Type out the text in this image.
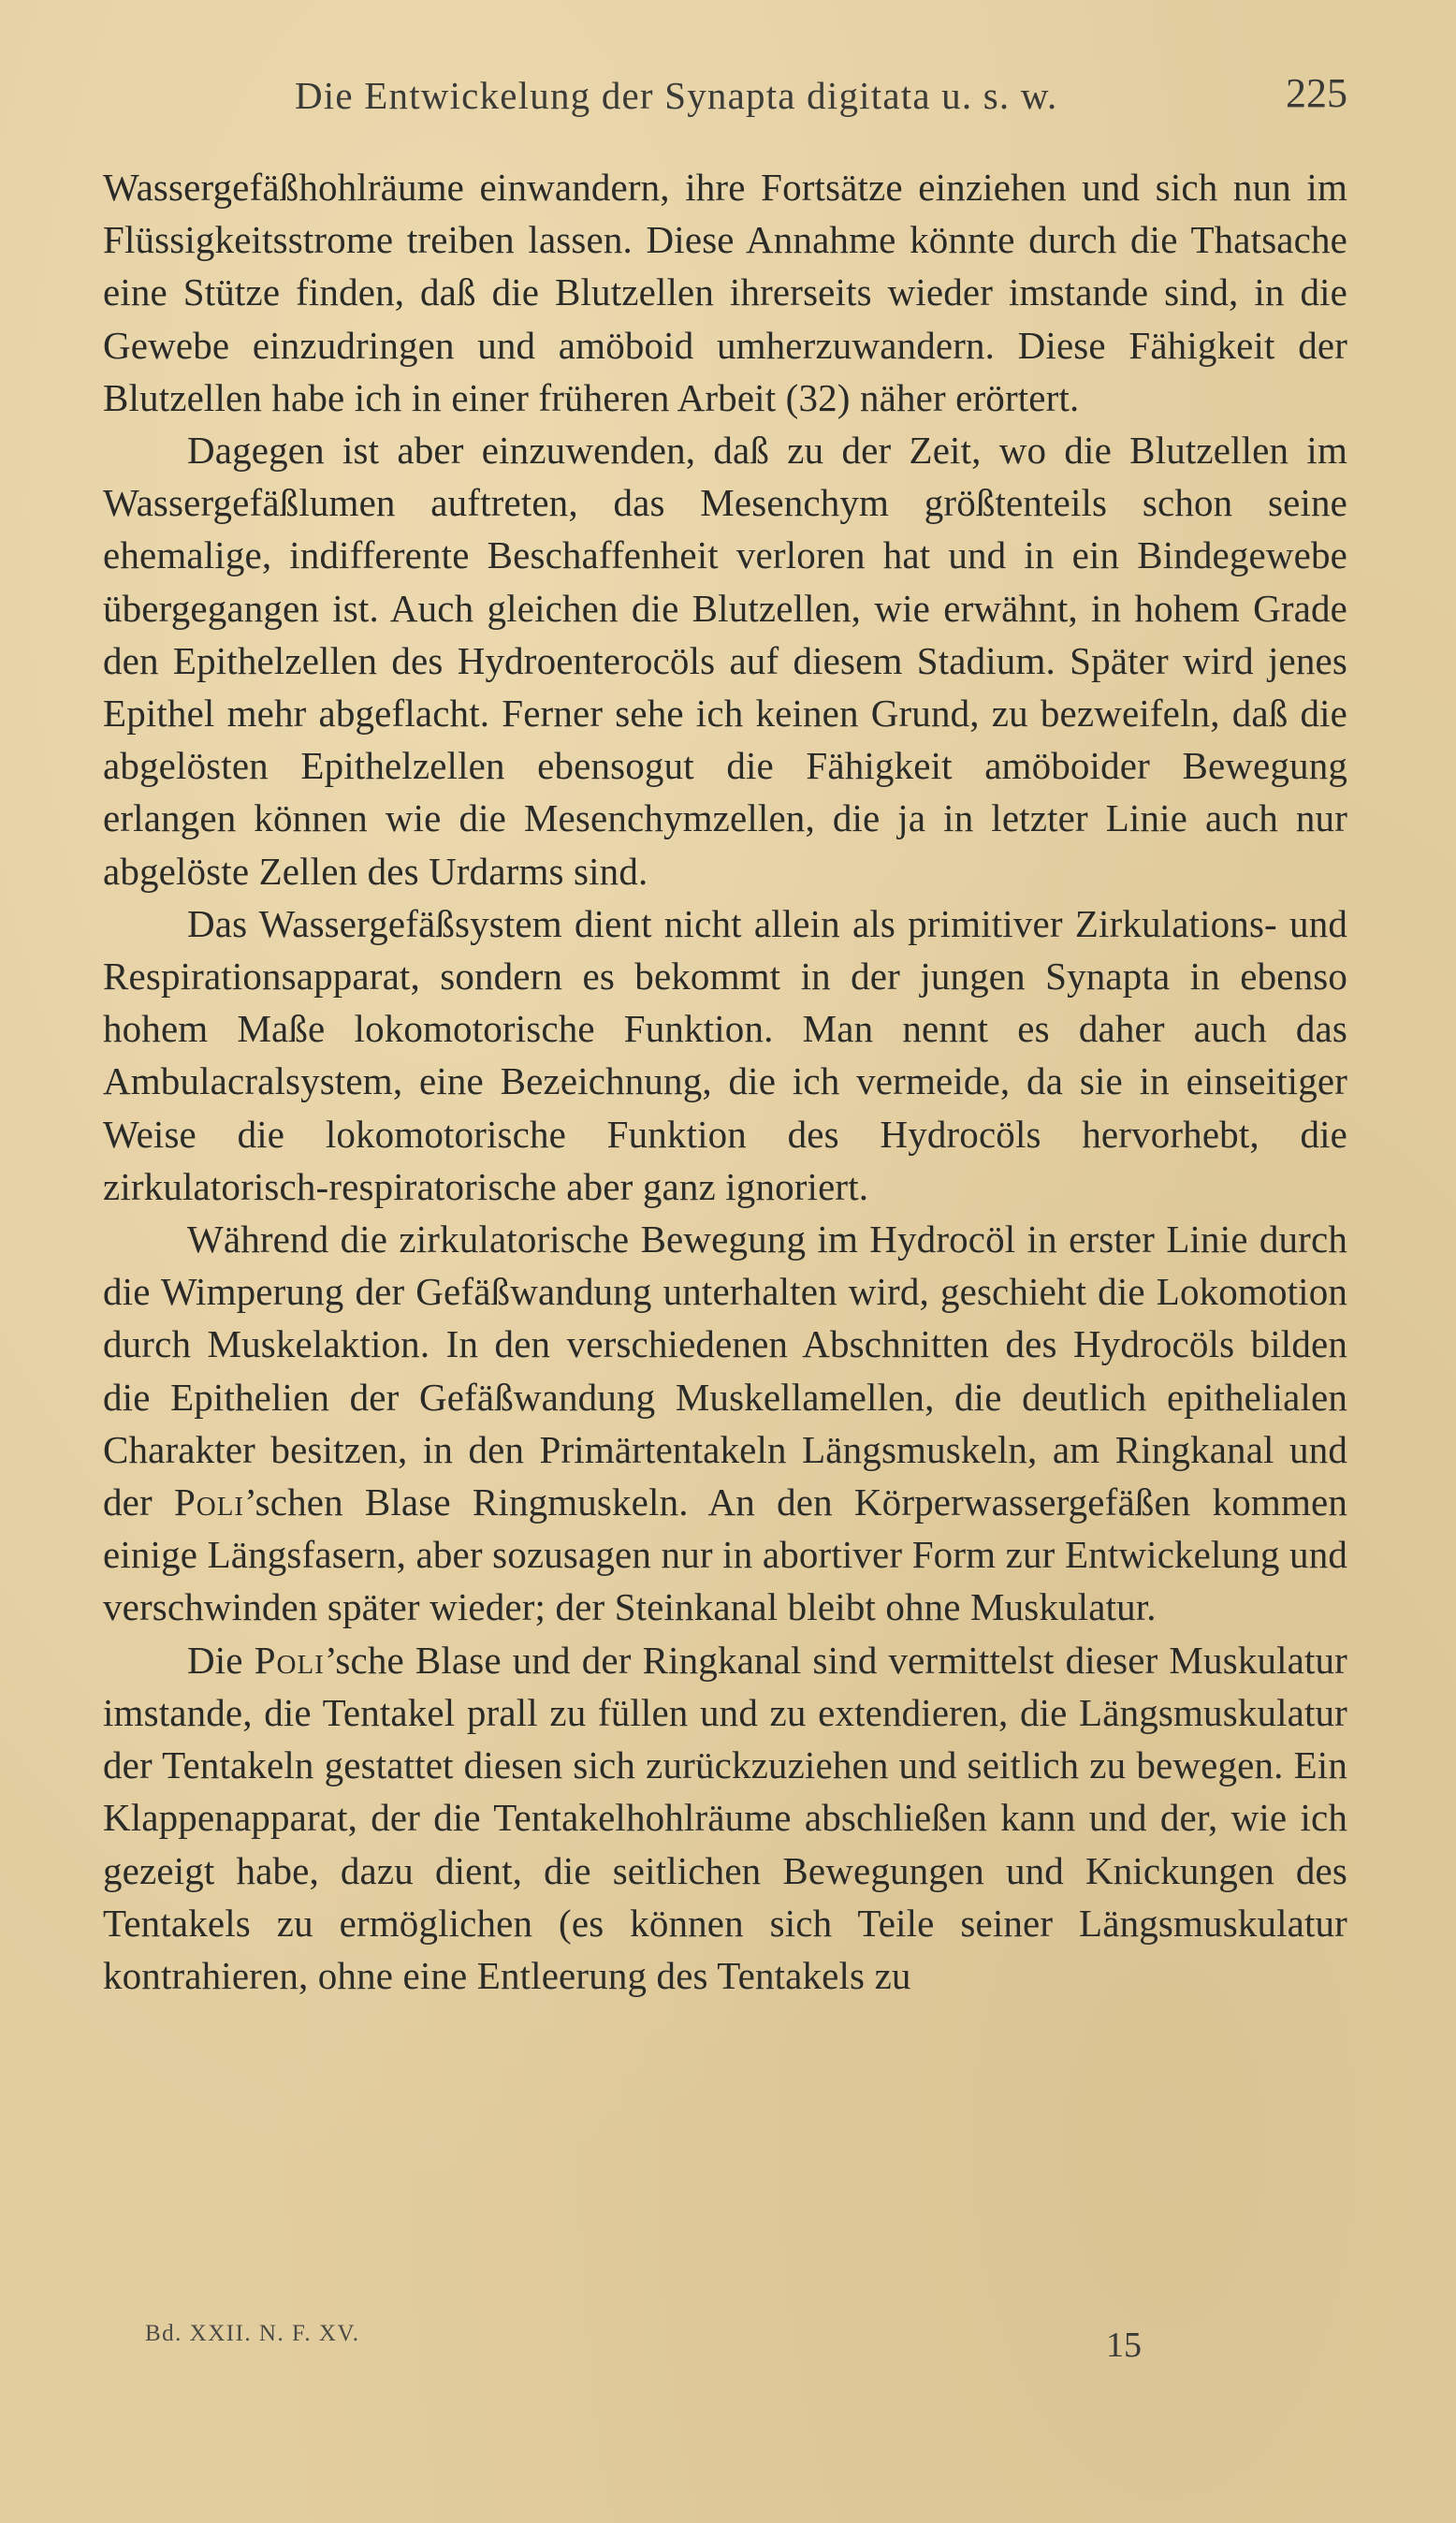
Die Entwickelung der Synapta digitata u. s. w.	225

Wassergefäßhohlräume einwandern, ihre Fortsätze einziehen und sich nun im Flüssigkeitsstrome treiben lassen. Diese Annahme könnte durch die Thatsache eine Stütze finden, daß die Blutzellen ihrerseits wieder imstande sind, in die Gewebe einzudringen und amöboid umherzuwandern. Diese Fähigkeit der Blutzellen habe ich in einer früheren Arbeit (32) näher erörtert.

Dagegen ist aber einzuwenden, daß zu der Zeit, wo die Blutzellen im Wassergefäßlumen auftreten, das Mesenchym größtenteils schon seine ehemalige, indifferente Beschaffenheit verloren hat und in ein Bindegewebe übergegangen ist. Auch gleichen die Blutzellen, wie erwähnt, in hohem Grade den Epithelzellen des Hydroenterocöls auf diesem Stadium. Später wird jenes Epithel mehr abgeflacht. Ferner sehe ich keinen Grund, zu bezweifeln, daß die abgelösten Epithelzellen ebensogut die Fähigkeit amöboider Bewegung erlangen können wie die Mesenchymzellen, die ja in letzter Linie auch nur abgelöste Zellen des Urdarms sind.

Das Wassergefäßsystem dient nicht allein als primitiver Zirkulations- und Respirationsapparat, sondern es bekommt in der jungen Synapta in ebenso hohem Maße lokomotorische Funktion. Man nennt es daher auch das Ambulacralsystem, eine Bezeichnung, die ich vermeide, da sie in einseitiger Weise die lokomotorische Funktion des Hydrocöls hervorhebt, die zirkulatorisch-respiratorische aber ganz ignoriert.

Während die zirkulatorische Bewegung im Hydrocöl in erster Linie durch die Wimperung der Gefäßwandung unterhalten wird, geschieht die Lokomotion durch Muskelaktion. In den verschiedenen Abschnitten des Hydrocöls bilden die Epithelien der Gefäßwandung Muskellamellen, die deutlich epithelialen Charakter besitzen, in den Primärtentakeln Längsmuskeln, am Ringkanal und der Poli’schen Blase Ringmuskeln. An den Körperwassergefäßen kommen einige Längsfasern, aber sozusagen nur in abortiver Form zur Entwickelung und verschwinden später wieder; der Steinkanal bleibt ohne Muskulatur.

Die Poli’sche Blase und der Ringkanal sind vermittelst dieser Muskulatur imstande, die Tentakel prall zu füllen und zu extendieren, die Längsmuskulatur der Tentakeln gestattet diesen sich zurückzuziehen und seitlich zu bewegen. Ein Klappenapparat, der die Tentakelhohlräume abschließen kann und der, wie ich gezeigt habe, dazu dient, die seitlichen Bewegungen und Knickungen des Tentakels zu ermöglichen (es können sich Teile seiner Längsmuskulatur kontrahieren, ohne eine Entleerung des Tentakels zu

Bd. XXII. N. F. XV.	15
